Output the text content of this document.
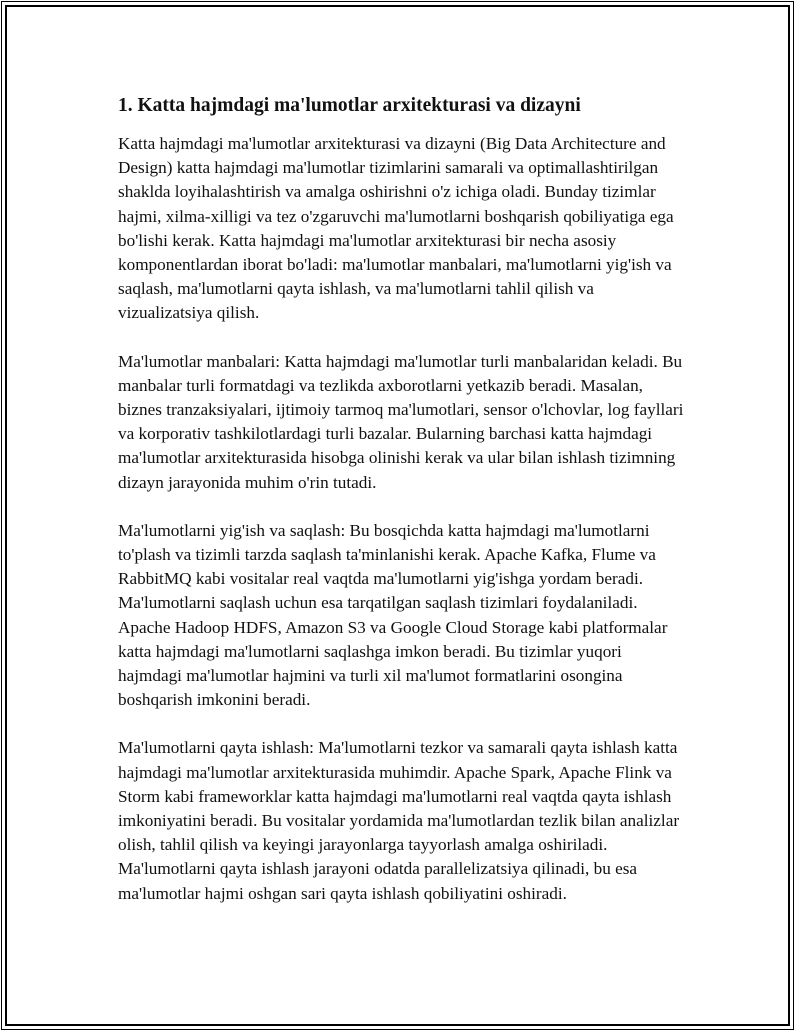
1. Katta hajmdagi ma'lumotlar arxitekturasi va dizayni

Katta hajmdagi ma'lumotlar arxitekturasi va dizayni (Big Data Architecture and Design) katta hajmdagi ma'lumotlar tizimlarini samarali va optimallashtirilgan shaklda loyihalashtirish va amalga oshirishni o'z ichiga oladi. Bunday tizimlar hajmi, xilma-xilligi va tez o'zgaruvchi ma'lumotlarni boshqarish qobiliyatiga ega bo'lishi kerak. Katta hajmdagi ma'lumotlar arxitekturasi bir necha asosiy komponentlardan iborat bo'ladi: ma'lumotlar manbalari, ma'lumotlarni yig'ish va saqlash, ma'lumotlarni qayta ishlash, va ma'lumotlarni tahlil qilish va vizualizatsiya qilish.

Ma'lumotlar manbalari: Katta hajmdagi ma'lumotlar turli manbalaridan keladi. Bu manbalar turli formatdagi va tezlikda axborotlarni yetkazib beradi. Masalan, biznes tranzaksiyalari, ijtimoiy tarmoq ma'lumotlari, sensor o'lchovlar, log fayllari va korporativ tashkilotlardagi turli bazalar. Bularning barchasi katta hajmdagi ma'lumotlar arxitekturasida hisobga olinishi kerak va ular bilan ishlash tizimning dizayn jarayonida muhim o'rin tutadi.

Ma'lumotlarni yig'ish va saqlash: Bu bosqichda katta hajmdagi ma'lumotlarni to'plash va tizimli tarzda saqlash ta'minlanishi kerak. Apache Kafka, Flume va RabbitMQ kabi vositalar real vaqtda ma'lumotlarni yig'ishga yordam beradi. Ma'lumotlarni saqlash uchun esa tarqatilgan saqlash tizimlari foydalaniladi. Apache Hadoop HDFS, Amazon S3 va Google Cloud Storage kabi platformalar katta hajmdagi ma'lumotlarni saqlashga imkon beradi. Bu tizimlar yuqori hajmdagi ma'lumotlar hajmini va turli xil ma'lumot formatlarini osongina boshqarish imkonini beradi.

Ma'lumotlarni qayta ishlash: Ma'lumotlarni tezkor va samarali qayta ishlash katta hajmdagi ma'lumotlar arxitekturasida muhimdir. Apache Spark, Apache Flink va Storm kabi frameworklar katta hajmdagi ma'lumotlarni real vaqtda qayta ishlash imkoniyatini beradi. Bu vositalar yordamida ma'lumotlardan tezlik bilan analizlar olish, tahlil qilish va keyingi jarayonlarga tayyorlash amalga oshiriladi. Ma'lumotlarni qayta ishlash jarayoni odatda parallelizatsiya qilinadi, bu esa ma'lumotlar hajmi oshgan sari qayta ishlash qobiliyatini oshiradi.
